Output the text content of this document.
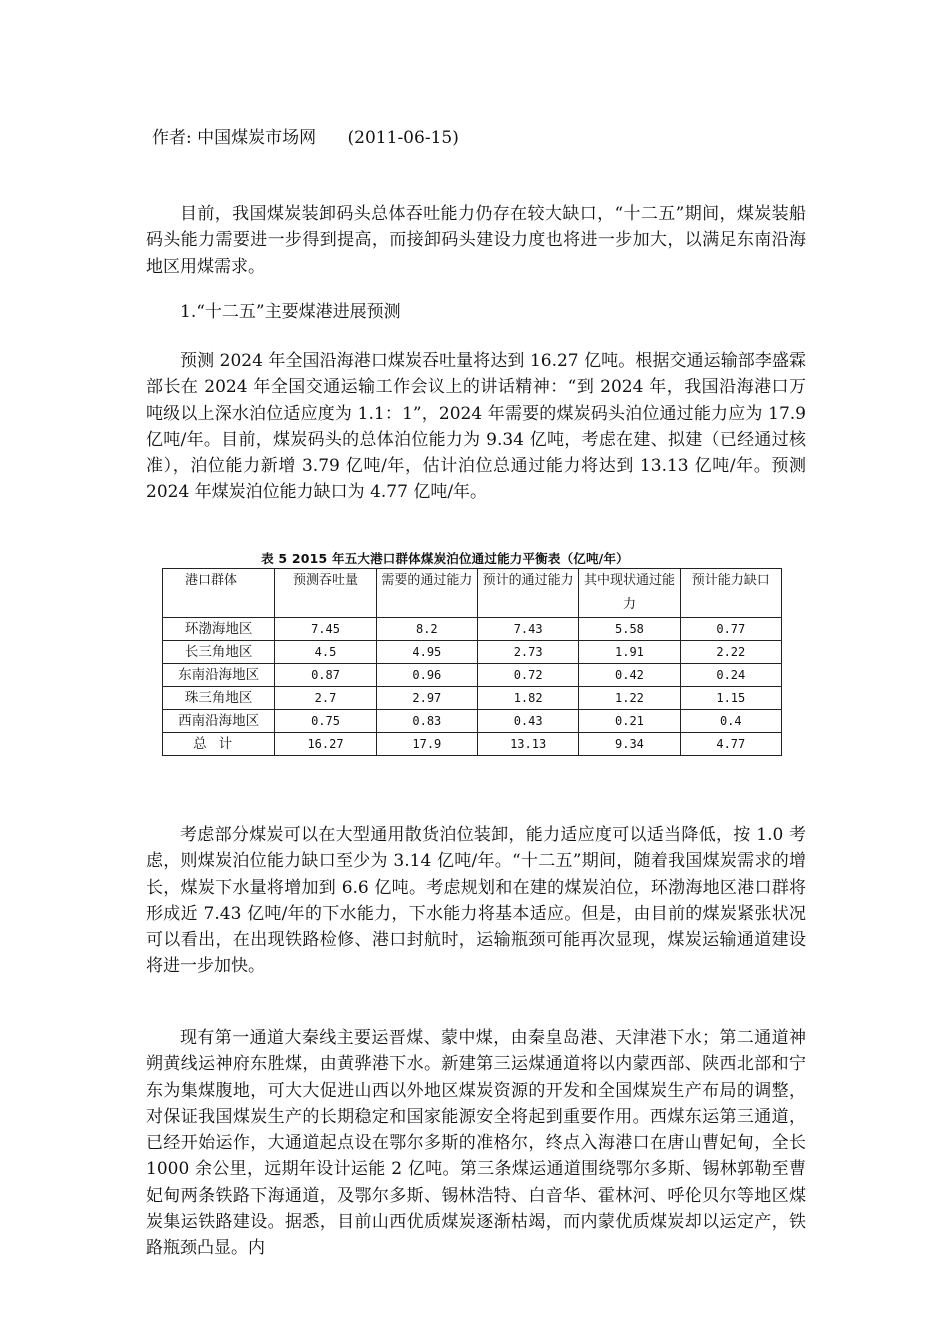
作者: 中国煤炭市场网 (2011-06-15)

目前，我国煤炭装卸码头总体吞吐能力仍存在较大缺口，“十二五”期间，煤炭装船码头能力需要进一步得到提高，而接卸码头建设力度也将进一步加大，以满足东南沿海地区用煤需求。

1.“十二五”主要煤港进展预测

预测 2024 年全国沿海港口煤炭吞吐量将达到 16.27 亿吨。根据交通运输部李盛霖部长在 2024 年全国交通运输工作会议上的讲话精神：“到 2024 年，我国沿海港口万吨级以上深水泊位适应度为 1.1：1”，2024 年需要的煤炭码头泊位通过能力应为 17.9 亿吨/年。目前，煤炭码头的总体泊位能力为 9.34 亿吨，考虑在建、拟建（已经通过核准），泊位能力新增 3.79 亿吨/年，估计泊位总通过能力将达到 13.13 亿吨/年。预测 2024 年煤炭泊位能力缺口为 4.77 亿吨/年。

表 5 2015 年五大港口群体煤炭泊位通过能力平衡表（亿吨/年）
港口群体	预测吞吐量	需要的通过能力	预计的通过能力	其中现状通过能力	预计能力缺口
环渤海地区	7.45	8.2	7.43	5.58	0.77
长三角地区	4.5	4.95	2.73	1.91	2.22
东南沿海地区	0.87	0.96	0.72	0.42	0.24
珠三角地区	2.7	2.97	1.82	1.22	1.15
西南沿海地区	0.75	0.83	0.43	0.21	0.4
总计	16.27	17.9	13.13	9.34	4.77

考虑部分煤炭可以在大型通用散货泊位装卸，能力适应度可以适当降低，按 1.0 考虑，则煤炭泊位能力缺口至少为 3.14 亿吨/年。“十二五”期间，随着我国煤炭需求的增长，煤炭下水量将增加到 6.6 亿吨。考虑规划和在建的煤炭泊位，环渤海地区港口群将形成近 7.43 亿吨/年的下水能力，下水能力将基本适应。但是，由目前的煤炭紧张状况可以看出，在出现铁路检修、港口封航时，运输瓶颈可能再次显现，煤炭运输通道建设将进一步加快。

现有第一通道大秦线主要运晋煤、蒙中煤，由秦皇岛港、天津港下水；第二通道神朔黄线运神府东胜煤，由黄骅港下水。新建第三运煤通道将以内蒙西部、陕西北部和宁东为集煤腹地，可大大促进山西以外地区煤炭资源的开发和全国煤炭生产布局的调整，对保证我国煤炭生产的长期稳定和国家能源安全将起到重要作用。西煤东运第三通道，已经开始运作，大通道起点设在鄂尔多斯的准格尔，终点入海港口在唐山曹妃甸，全长 1000 余公里，远期年设计运能 2 亿吨。第三条煤运通道围绕鄂尔多斯、锡林郭勒至曹妃甸两条铁路下海通道，及鄂尔多斯、锡林浩特、白音华、霍林河、呼伦贝尔等地区煤炭集运铁路建设。据悉，目前山西优质煤炭逐渐枯竭，而内蒙优质煤炭却以运定产，铁路瓶颈凸显。内
